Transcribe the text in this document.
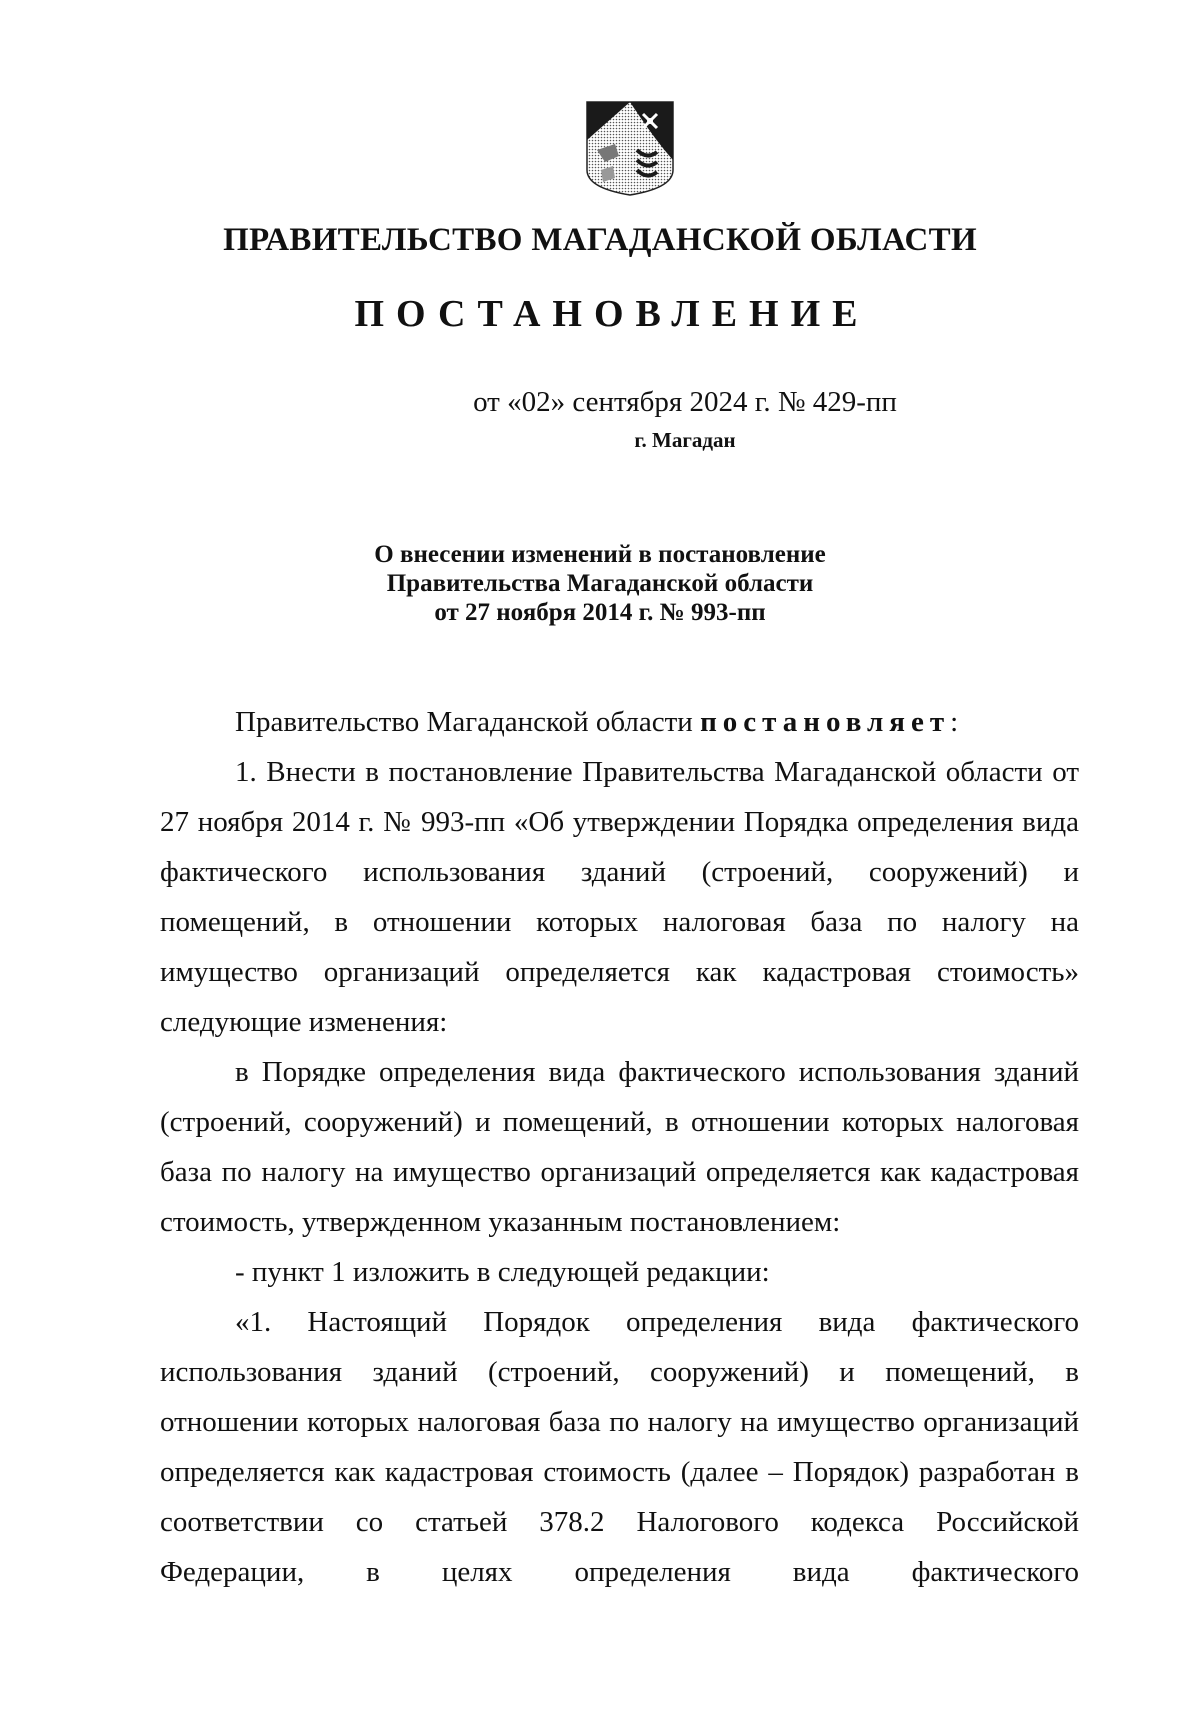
ПРАВИТЕЛЬСТВО МАГАДАНСКОЙ ОБЛАСТИ
ПОСТАНОВЛЕНИЕ
от «02» сентября 2024 г. № 429-пп
г. Магадан
О внесении изменений в постановление
Правительства Магаданской области
от 27 ноября 2014 г. № 993-пп

Правительство Магаданской области постановляет:

1. Внести в постановление Правительства Магаданской области от 27 ноября 2014 г. № 993-пп «Об утверждении Порядка определения вида фактического использования зданий (строений, сооружений) и помещений, в отношении которых налоговая база по налогу на имущество организаций определяется как кадастровая стоимость» следующие изменения:

в Порядке определения вида фактического использования зданий (строений, сооружений) и помещений, в отношении которых налоговая база по налогу на имущество организаций определяется как кадастровая стоимость, утвержденном указанным постановлением:

- пункт 1 изложить в следующей редакции:

«1. Настоящий Порядок определения вида фактического использования зданий (строений, сооружений) и помещений, в отношении которых налоговая база по налогу на имущество организаций определяется как кадастровая стоимость (далее – Порядок) разработан в соответствии со статьей 378.2 Налогового кодекса Российской Федерации, в целях определения вида фактического
